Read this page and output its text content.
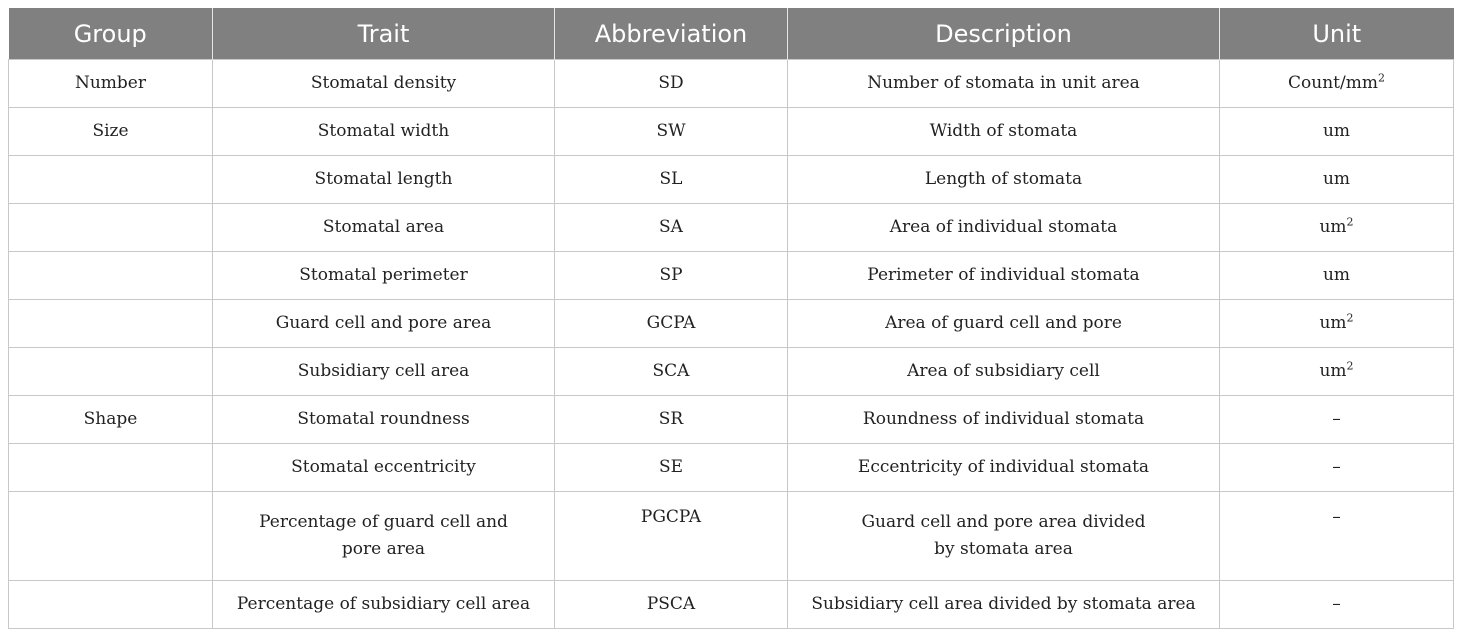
Group	Trait	Abbreviation	Description	Unit
Number	Stomatal density	SD	Number of stomata in unit area	Count/$mm^2$
Size	Stomatal width	SW	Width of stomata	um
	Stomatal length	SL	Length of stomata	um
	Stomatal area	SA	Area of individual stomata	$um^2$
	Stomatal perimeter	SP	Perimeter of individual stomata	um
	Guard cell and pore area	GCPA	Area of guard cell and pore	$um^2$
	Subsidiary cell area	SCA	Area of subsidiary cell	$um^2$
Shape	Stomatal roundness	SR	Roundness of individual stomata	–
	Stomatal eccentricity	SE	Eccentricity of individual stomata	–
	Percentage of guard cell and pore area	PGCPA	Guard cell and pore area divided by stomata area	–
	Percentage of subsidiary cell area	PSCA	Subsidiary cell area divided by stomata area	–
